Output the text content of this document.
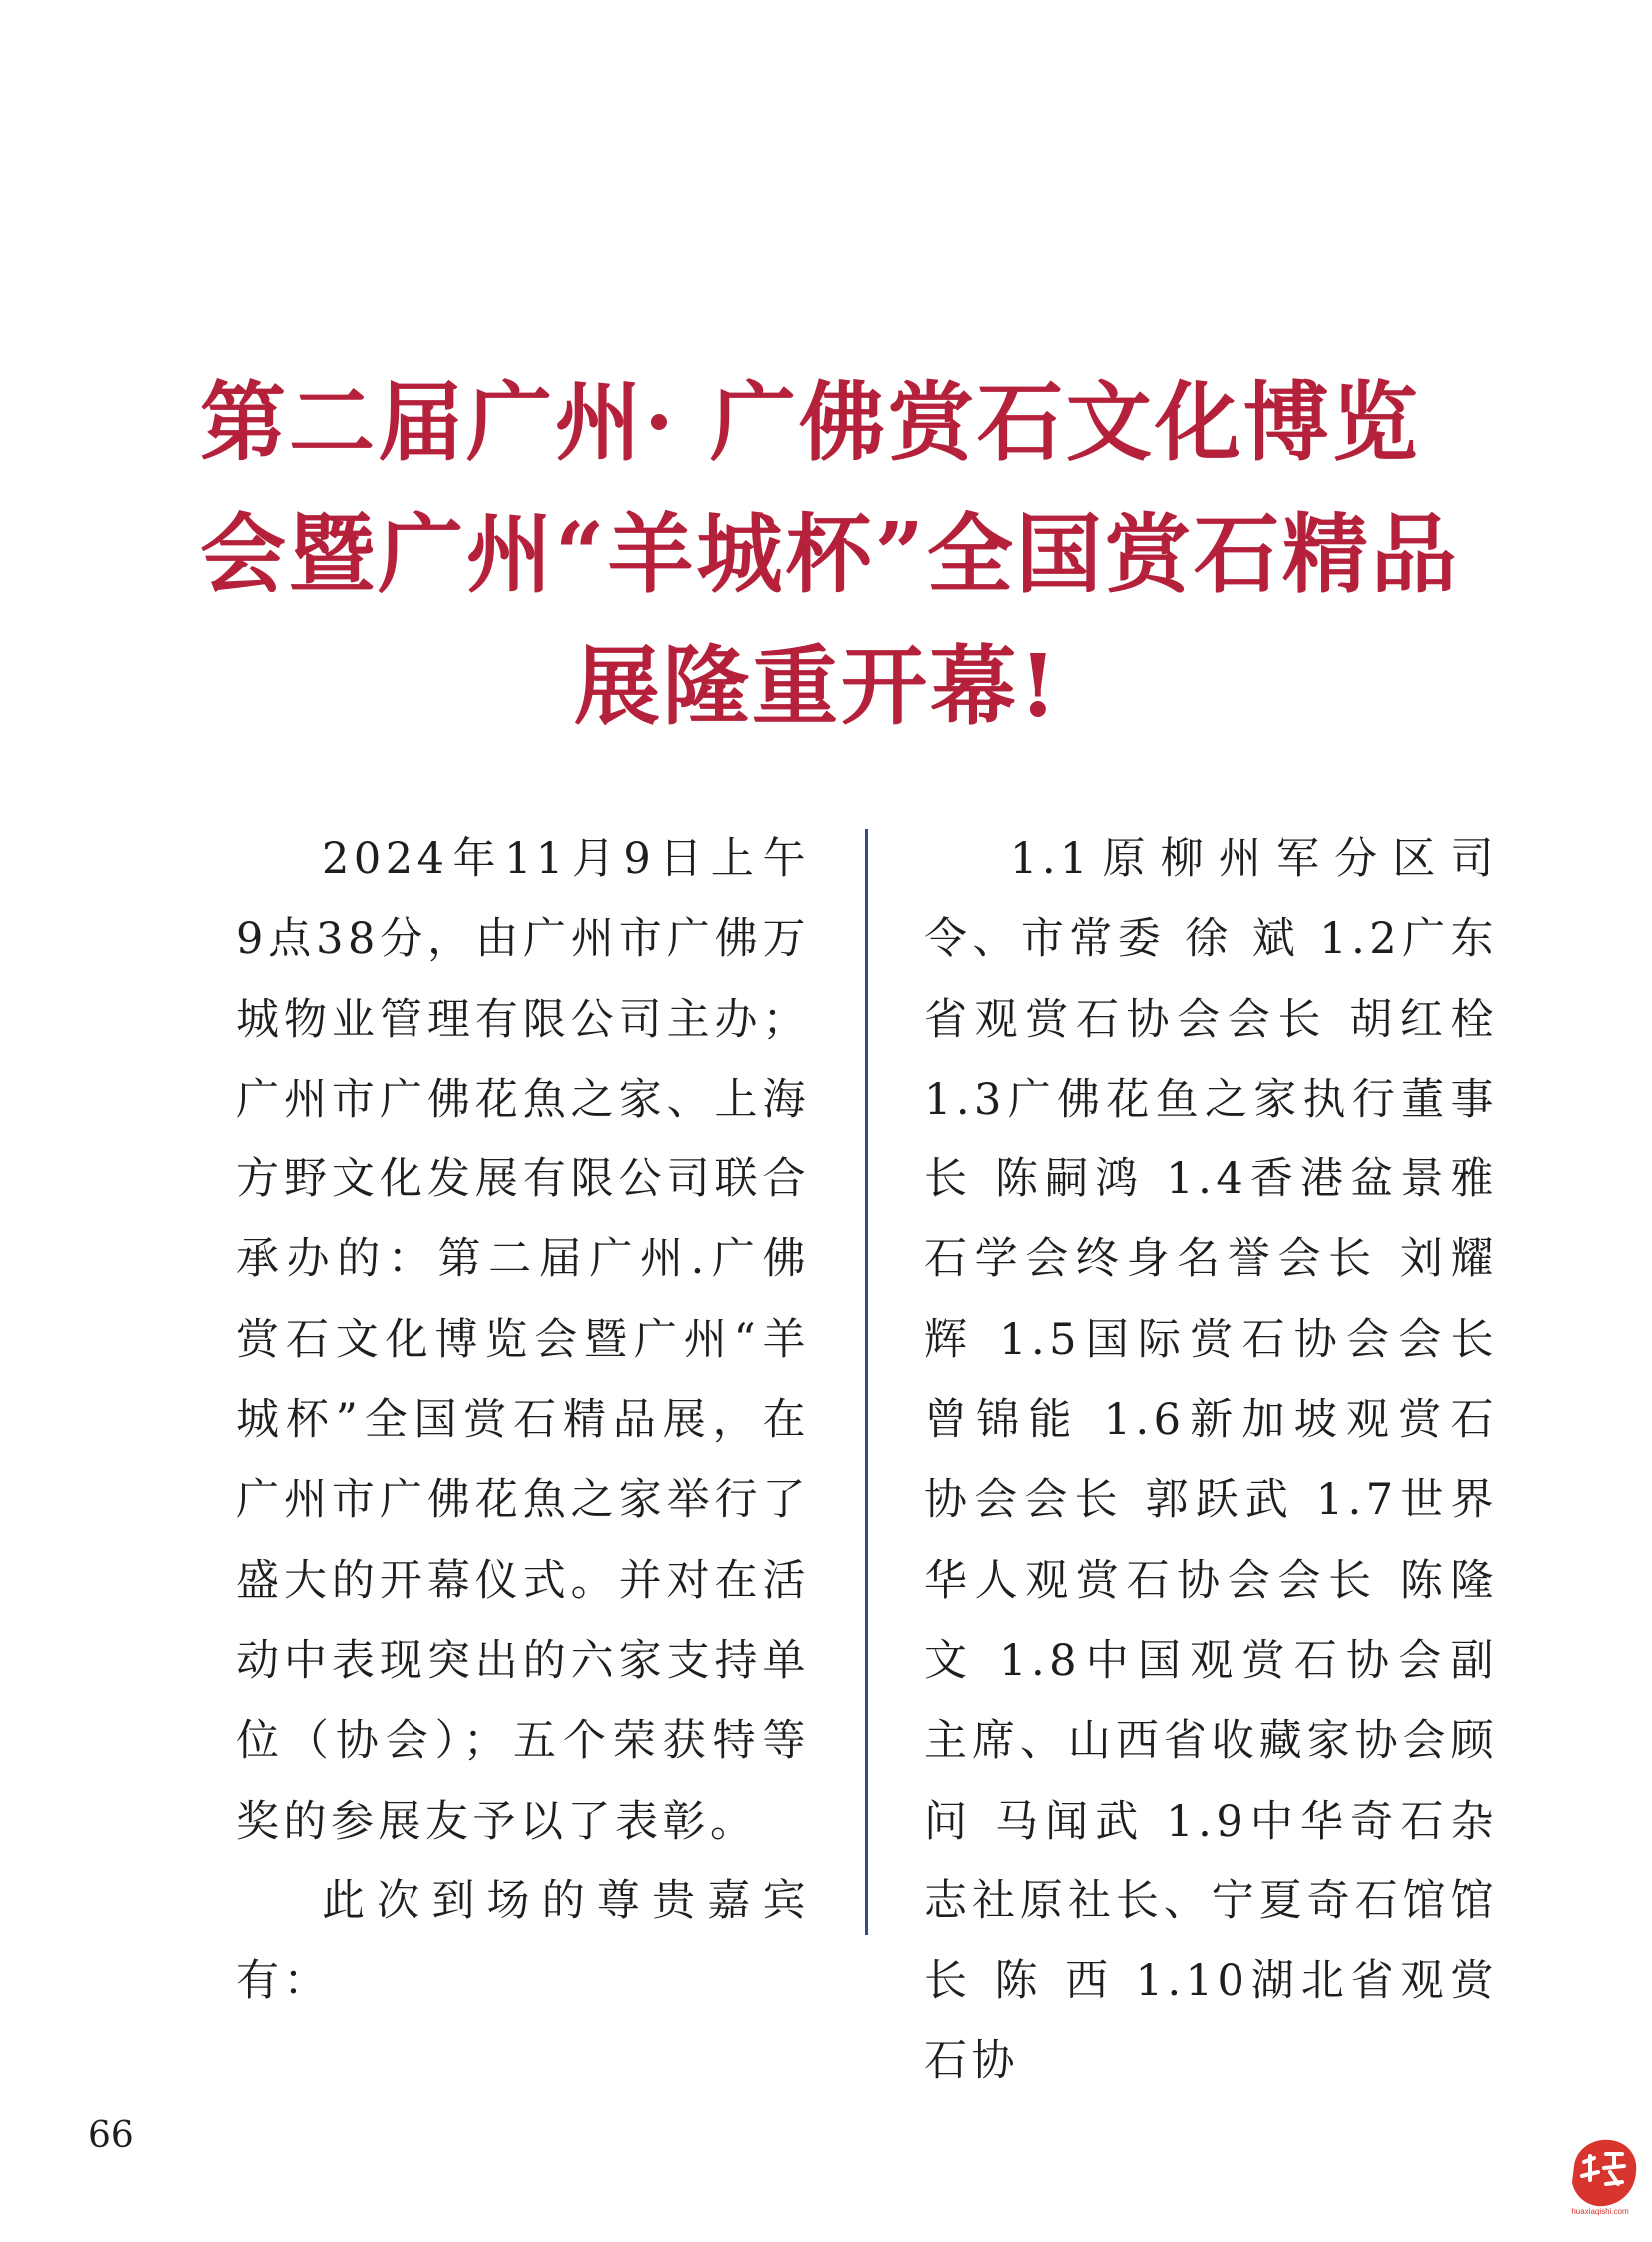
第二届广州· 广佛赏石文化博览
会暨广州“羊城杯”全国赏石精品
展隆重开幕!

2024年11月9日上午9点38分，由广州市广佛万城物业管理有限公司主办；广州市广佛花魚之家、上海方野文化发展有限公司联合承办的：第二届广州.广佛赏石文化博览会暨广州“羊城杯”全国赏石精品展，在广州市广佛花魚之家举行了盛大的开幕仪式。并对在活动中表现突出的六家支持单位（协会）；五个荣获特等奖的参展友予以了表彰。

此次到场的尊贵嘉宾有：

1.1原柳州军分区司令、市常委 徐 斌 1.2广东省观赏石协会会长 胡红栓 1.3广佛花鱼之家执行董事长 陈嗣鸿 1.4香港盆景雅石学会终身名誉会长 刘耀辉 1.5国际赏石协会会长 曾锦能 1.6新加坡观赏石协会会长 郭跃武 1.7世界华人观赏石协会会长 陈隆文 1.8中国观赏石协会副主席、山西省收藏家协会顾问 马闻武 1.9中华奇石杂志社原社长、宁夏奇石馆馆长 陈 西 1.10湖北省观赏石协

66
huaxiaqishi.com
